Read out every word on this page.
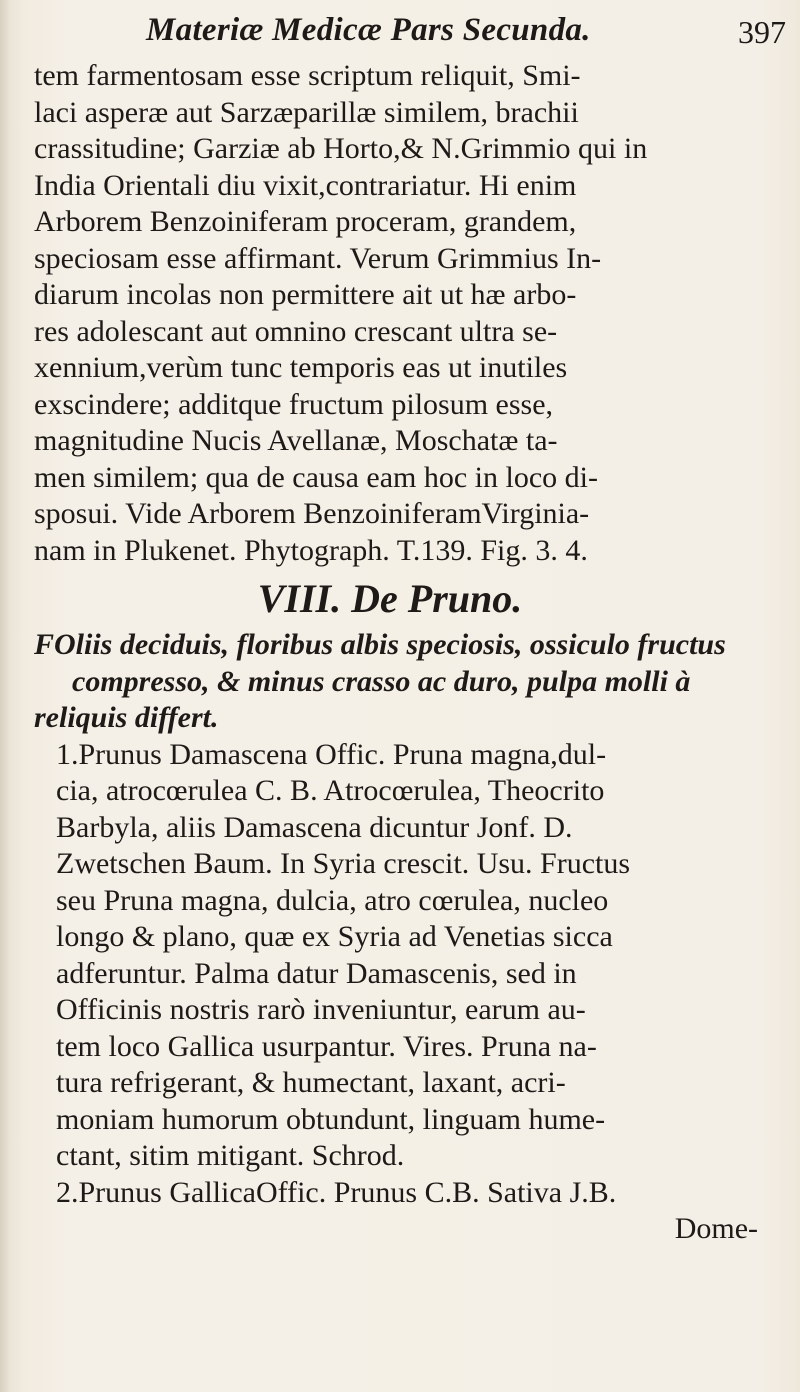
Materiæ Medicæ Pars Secunda.	397
tem farmentosam esse scriptum reliquit, Smi-
laci asperæ aut Sarzæparillæ similem, brachii
crassitudine; Garziæ ab Horto,& N.Grimmio qui in
India Orientali diu vixit,contrariatur. Hi enim
Arborem Benzoiniferam proceram, grandem,
speciosam esse affirmant. Verum Grimmius In-
diarum incolas non permittere ait ut hæ arbo-
res adolescant aut omnino crescant ultra se-
xennium,verùm tunc temporis eas ut inutiles
exscindere; additque fructum pilosum esse,
magnitudine Nucis Avellanæ, Moschatæ ta-
men similem; qua de causa eam hoc in loco di-
sposui. Vide Arborem BenzoiniferamVirginia-
nam in Plukenet. Phytograph. T.139. Fig. 3. 4.
VIII. De Pruno.
FOliis deciduis, floribus albis speciosis, ossiculo fructus
compresso, & minus crasso ac duro, pulpa molli à
reliquis differt.
1.Prunus Damascena Offic. Pruna magna,dul-
cia, atrocœrulea C. B. Atrocœrulea, Theocrito
Barbyla, aliis Damascena dicuntur Jonf. D.
Zwetschen Baum. In Syria crescit. Usu. Fructus
seu Pruna magna, dulcia, atro cœrulea, nucleo
longo & plano, quæ ex Syria ad Venetias sicca
adferuntur. Palma datur Damascenis, sed in
Officinis nostris rarò inveniuntur, earum au-
tem loco Gallica usurpantur. Vires. Pruna na-
tura refrigerant, & humectant, laxant, acri-
moniam humorum obtundunt, linguam hume-
ctant, sitim mitigant. Schrod.
2.Prunus GallicaOffic. Prunus C.B. Sativa J.B.
Dome-
